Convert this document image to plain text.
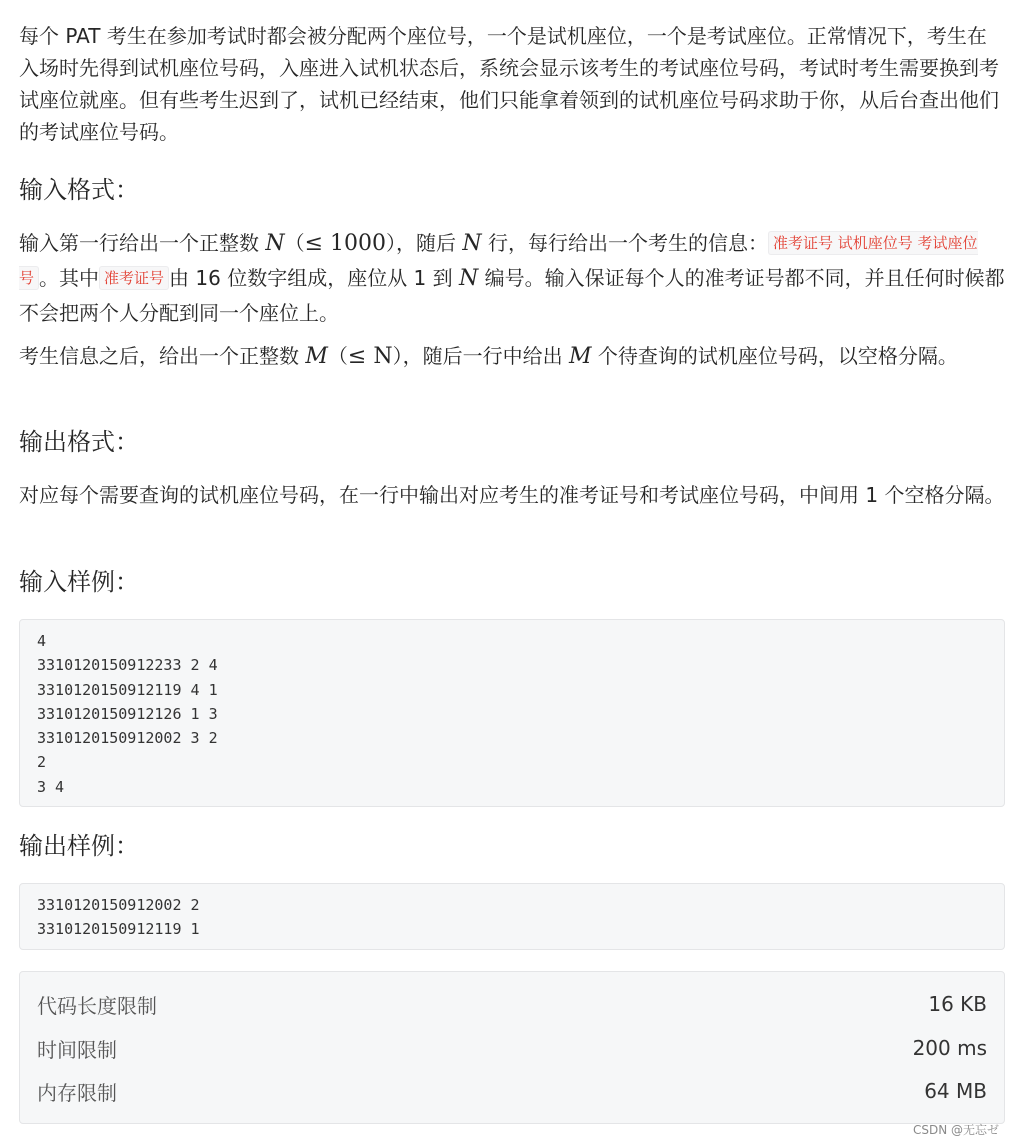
每个 PAT 考生在参加考试时都会被分配两个座位号，一个是试机座位，一个是考试座位。正常情况下，考生在入场时先得到试机座位号码，入座进入试机状态后，系统会显示该考生的考试座位号码，考试时考生需要换到考试座位就座。但有些考生迟到了，试机已经结束，他们只能拿着领到的试机座位号码求助于你，从后台查出他们的考试座位号码。

输入格式：

输入第一行给出一个正整数 N（≤ 1000），随后 N 行，每行给出一个考生的信息： 准考证号 试机座位号 考试座位号 。其中 准考证号 由 16 位数字组成，座位从 1 到 N 编号。输入保证每个人的准考证号都不同，并且任何时候都不会把两个人分配到同一个座位上。

考生信息之后，给出一个正整数 M（≤ N），随后一行中给出 M 个待查询的试机座位号码，以空格分隔。

输出格式：

对应每个需要查询的试机座位号码，在一行中输出对应考生的准考证号和考试座位号码，中间用 1 个空格分隔。

输入样例：
4
3310120150912233 2 4
3310120150912119 4 1
3310120150912126 1 3
3310120150912002 3 2
2
3 4
输出样例：
3310120150912002 2
3310120150912119 1
代码长度限制	16 KB
时间限制	200 ms
内存限制	64 MB
CSDN @无忘ゼ
